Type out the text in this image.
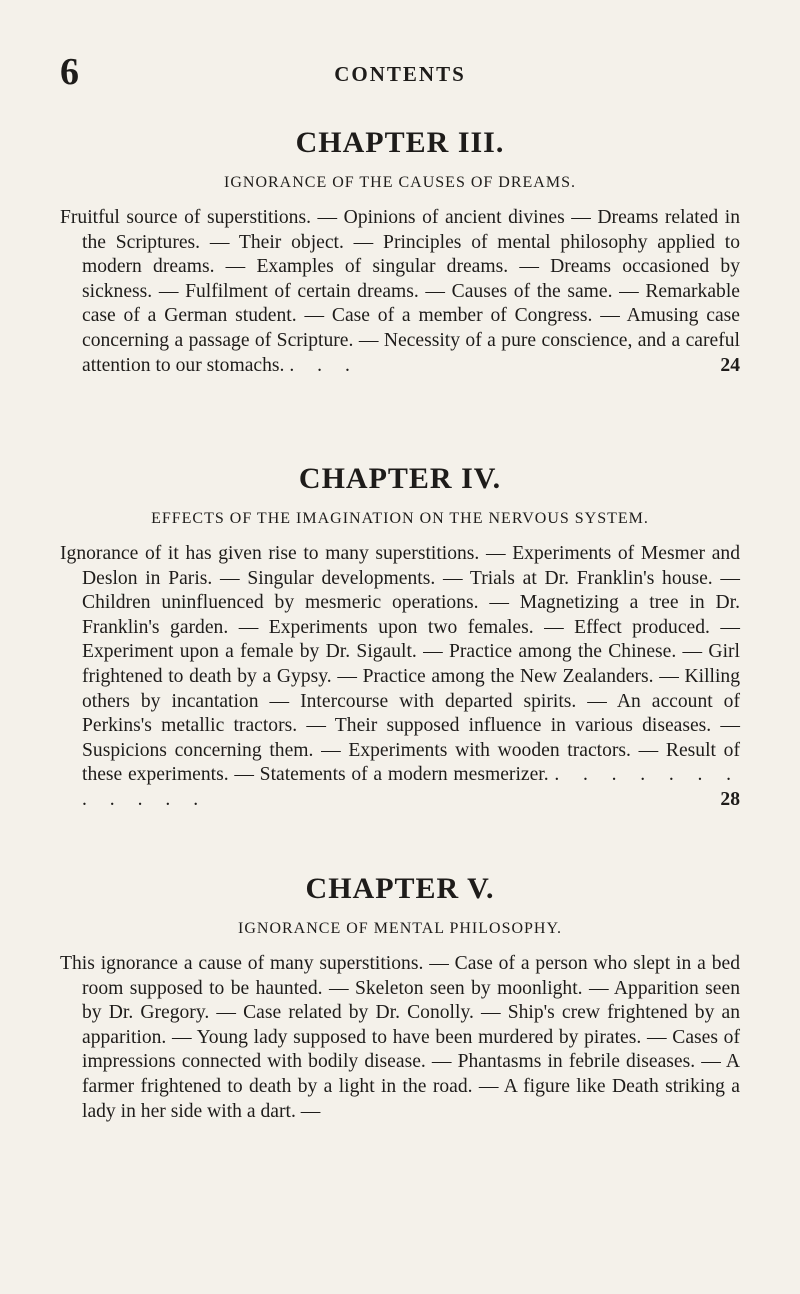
6	CONTENTS
CHAPTER III.
IGNORANCE OF THE CAUSES OF DREAMS.

Fruitful source of superstitions. — Opinions of ancient divines — Dreams related in the Scriptures. — Their object. — Principles of mental philosophy applied to modern dreams. — Examples of singular dreams. — Dreams occasioned by sickness. — Fulfilment of certain dreams. — Causes of the same. — Remarkable case of a German student. — Case of a member of Congress. — Amusing case concerning a passage of Scripture. — Necessity of a pure conscience, and a careful attention to our stomachs. . . .	24

CHAPTER IV.
EFFECTS OF THE IMAGINATION ON THE NERVOUS SYSTEM.

Ignorance of it has given rise to many superstitions. — Experiments of Mesmer and Deslon in Paris. — Singular developments. — Trials at Dr. Franklin's house. — Children uninfluenced by mesmeric operations. — Magnetizing a tree in Dr. Franklin's garden. — Experiments upon two females. — Effect produced. — Experiment upon a female by Dr. Sigault. — Practice among the Chinese. — Girl frightened to death by a Gypsy. — Practice among the New Zealanders. — Killing others by incantation — Intercourse with departed spirits. — An account of Perkins's metallic tractors. — Their supposed influence in various diseases. — Suspicions concerning them. — Experiments with wooden tractors. — Result of these experiments. — Statements of a modern mesmerizer. . . . . . . . . . . . .	28

CHAPTER V.
IGNORANCE OF MENTAL PHILOSOPHY.

This ignorance a cause of many superstitions. — Case of a person who slept in a bed room supposed to be haunted. — Skeleton seen by moonlight. — Apparition seen by Dr. Gregory. — Case related by Dr. Conolly. — Ship's crew frightened by an apparition. — Young lady supposed to have been murdered by pirates. — Cases of impressions connected with bodily disease. — Phantasms in febrile diseases. — A farmer frightened to death by a light in the road. — A figure like Death striking a lady in her side with a dart. —
